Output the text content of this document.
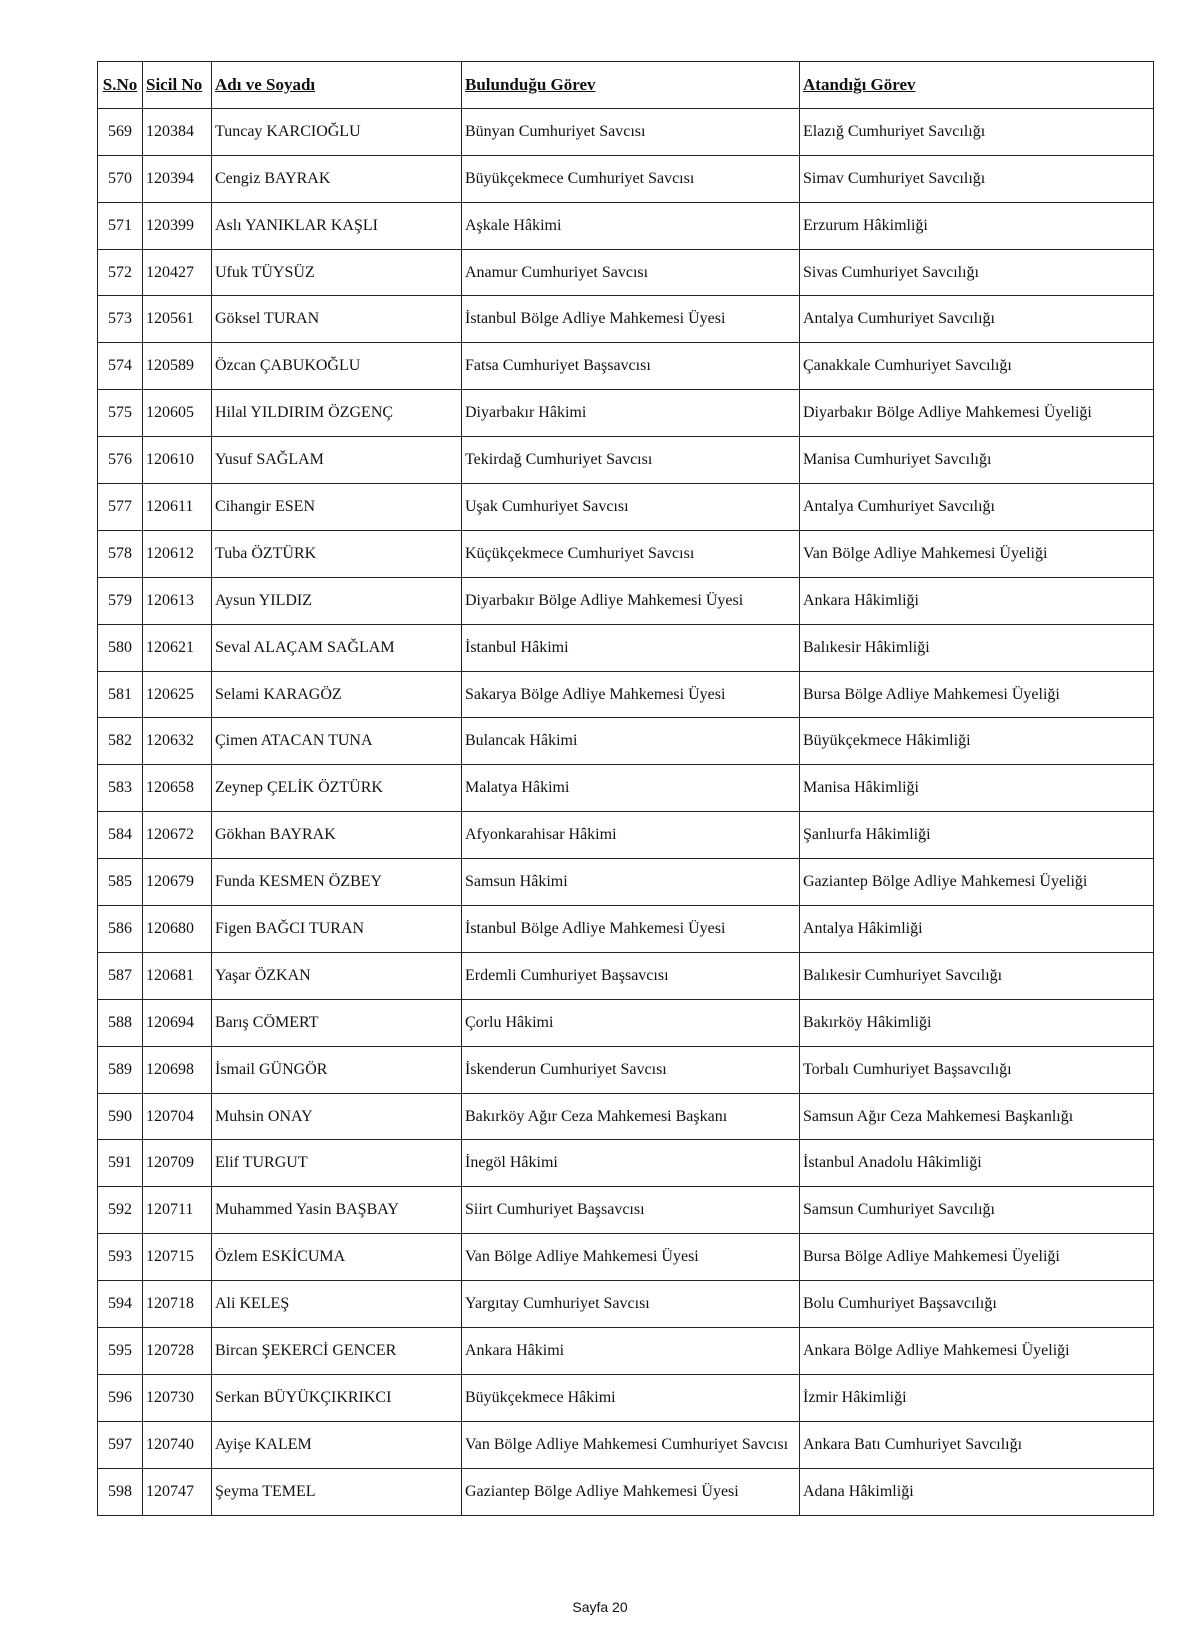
S.No	Sicil No	Adı ve Soyadı	Bulunduğu Görev	Atandığı Görev
569	120384	Tuncay KARCIOĞLU	Bünyan Cumhuriyet Savcısı	Elazığ Cumhuriyet Savcılığı
570	120394	Cengiz BAYRAK	Büyükçekmece Cumhuriyet Savcısı	Simav Cumhuriyet Savcılığı
571	120399	Aslı YANIKLAR KAŞLI	Aşkale Hâkimi	Erzurum Hâkimliği
572	120427	Ufuk TÜYSÜZ	Anamur Cumhuriyet Savcısı	Sivas Cumhuriyet Savcılığı
573	120561	Göksel TURAN	İstanbul Bölge Adliye Mahkemesi Üyesi	Antalya Cumhuriyet Savcılığı
574	120589	Özcan ÇABUKOĞLU	Fatsa Cumhuriyet Başsavcısı	Çanakkale Cumhuriyet Savcılığı
575	120605	Hilal YILDIRIM ÖZGENÇ	Diyarbakır Hâkimi	Diyarbakır Bölge Adliye Mahkemesi Üyeliği
576	120610	Yusuf SAĞLAM	Tekirdağ Cumhuriyet Savcısı	Manisa Cumhuriyet Savcılığı
577	120611	Cihangir ESEN	Uşak Cumhuriyet Savcısı	Antalya Cumhuriyet Savcılığı
578	120612	Tuba ÖZTÜRK	Küçükçekmece Cumhuriyet Savcısı	Van Bölge Adliye Mahkemesi Üyeliği
579	120613	Aysun YILDIZ	Diyarbakır Bölge Adliye Mahkemesi Üyesi	Ankara Hâkimliği
580	120621	Seval ALAÇAM SAĞLAM	İstanbul Hâkimi	Balıkesir Hâkimliği
581	120625	Selami KARAGÖZ	Sakarya Bölge Adliye Mahkemesi Üyesi	Bursa Bölge Adliye Mahkemesi Üyeliği
582	120632	Çimen ATACAN TUNA	Bulancak Hâkimi	Büyükçekmece Hâkimliği
583	120658	Zeynep ÇELİK ÖZTÜRK	Malatya Hâkimi	Manisa Hâkimliği
584	120672	Gökhan BAYRAK	Afyonkarahisar Hâkimi	Şanlıurfa Hâkimliği
585	120679	Funda KESMEN ÖZBEY	Samsun Hâkimi	Gaziantep Bölge Adliye Mahkemesi Üyeliği
586	120680	Figen BAĞCI TURAN	İstanbul Bölge Adliye Mahkemesi Üyesi	Antalya Hâkimliği
587	120681	Yaşar ÖZKAN	Erdemli Cumhuriyet Başsavcısı	Balıkesir Cumhuriyet Savcılığı
588	120694	Barış CÖMERT	Çorlu Hâkimi	Bakırköy Hâkimliği
589	120698	İsmail GÜNGÖR	İskenderun Cumhuriyet Savcısı	Torbalı Cumhuriyet Başsavcılığı
590	120704	Muhsin ONAY	Bakırköy Ağır Ceza Mahkemesi Başkanı	Samsun Ağır Ceza Mahkemesi Başkanlığı
591	120709	Elif TURGUT	İnegöl Hâkimi	İstanbul Anadolu Hâkimliği
592	120711	Muhammed Yasin BAŞBAY	Siirt Cumhuriyet Başsavcısı	Samsun Cumhuriyet Savcılığı
593	120715	Özlem ESKİCUMA	Van Bölge Adliye Mahkemesi Üyesi	Bursa Bölge Adliye Mahkemesi Üyeliği
594	120718	Ali KELEŞ	Yargıtay Cumhuriyet Savcısı	Bolu Cumhuriyet Başsavcılığı
595	120728	Bircan ŞEKERCİ GENCER	Ankara Hâkimi	Ankara Bölge Adliye Mahkemesi Üyeliği
596	120730	Serkan BÜYÜKÇIKRIKCI	Büyükçekmece Hâkimi	İzmir Hâkimliği
597	120740	Ayişe KALEM	Van Bölge Adliye Mahkemesi Cumhuriyet Savcısı	Ankara Batı Cumhuriyet Savcılığı
598	120747	Şeyma TEMEL	Gaziantep Bölge Adliye Mahkemesi Üyesi	Adana Hâkimliği
Sayfa 20
